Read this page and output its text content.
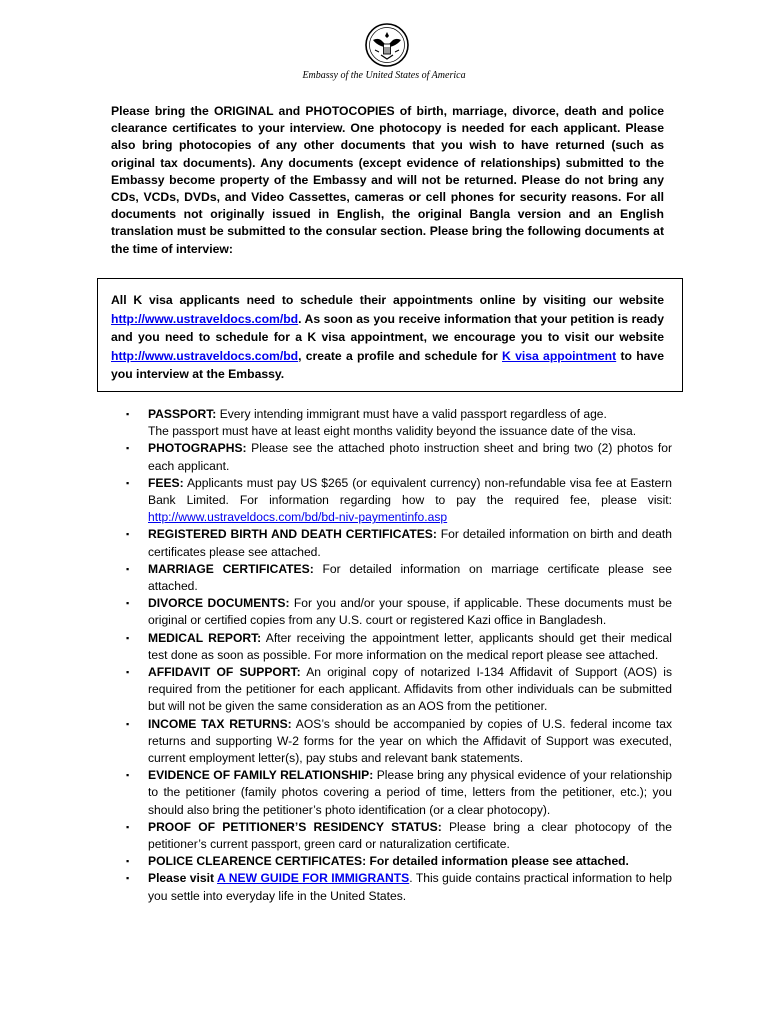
Embassy of the United States of America
Please bring the ORIGINAL and PHOTOCOPIES of birth, marriage, divorce, death and police clearance certificates to your interview. One photocopy is needed for each applicant. Please also bring photocopies of any other documents that you wish to have returned (such as original tax documents). Any documents (except evidence of relationships) submitted to the Embassy become property of the Embassy and will not be returned. Please do not bring any CDs, VCDs, DVDs, and Video Cassettes, cameras or cell phones for security reasons. For all documents not originally issued in English, the original Bangla version and an English translation must be submitted to the consular section. Please bring the following documents at the time of interview:
All K visa applicants need to schedule their appointments online by visiting our website http://www.ustraveldocs.com/bd. As soon as you receive information that your petition is ready and you need to schedule for a K visa appointment, we encourage you to visit our website http://www.ustraveldocs.com/bd, create a profile and schedule for K visa appointment to have you interview at the Embassy.
▪ PASSPORT: Every intending immigrant must have a valid passport regardless of age.
The passport must have at least eight months validity beyond the issuance date of the visa.
▪ PHOTOGRAPHS: Please see the attached photo instruction sheet and bring two (2) photos for each applicant.
▪ FEES: Applicants must pay US $265 (or equivalent currency) non-refundable visa fee at Eastern Bank Limited. For information regarding how to pay the required fee, please visit: http://www.ustraveldocs.com/bd/bd-niv-paymentinfo.asp
▪ REGISTERED BIRTH AND DEATH CERTIFICATES: For detailed information on birth and death certificates please see attached.
▪ MARRIAGE CERTIFICATES: For detailed information on marriage certificate please see attached.
▪ DIVORCE DOCUMENTS: For you and/or your spouse, if applicable. These documents must be original or certified copies from any U.S. court or registered Kazi office in Bangladesh.
▪ MEDICAL REPORT: After receiving the appointment letter, applicants should get their medical test done as soon as possible. For more information on the medical report please see attached.
▪ AFFIDAVIT OF SUPPORT: An original copy of notarized I-134 Affidavit of Support (AOS) is required from the petitioner for each applicant. Affidavits from other individuals can be submitted but will not be given the same consideration as an AOS from the petitioner.
▪ INCOME TAX RETURNS: AOS’s should be accompanied by copies of U.S. federal income tax returns and supporting W-2 forms for the year on which the Affidavit of Support was executed, current employment letter(s), pay stubs and relevant bank statements.
▪ EVIDENCE OF FAMILY RELATIONSHIP: Please bring any physical evidence of your relationship to the petitioner (family photos covering a period of time, letters from the petitioner, etc.); you should also bring the petitioner’s photo identification (or a clear photocopy).
▪ PROOF OF PETITIONER’S RESIDENCY STATUS: Please bring a clear photocopy of the petitioner’s current passport, green card or naturalization certificate.
▪ POLICE CLEARENCE CERTIFICATES: For detailed information please see attached.
▪ Please visit A NEW GUIDE FOR IMMIGRANTS. This guide contains practical information to help you settle into everyday life in the United States.
